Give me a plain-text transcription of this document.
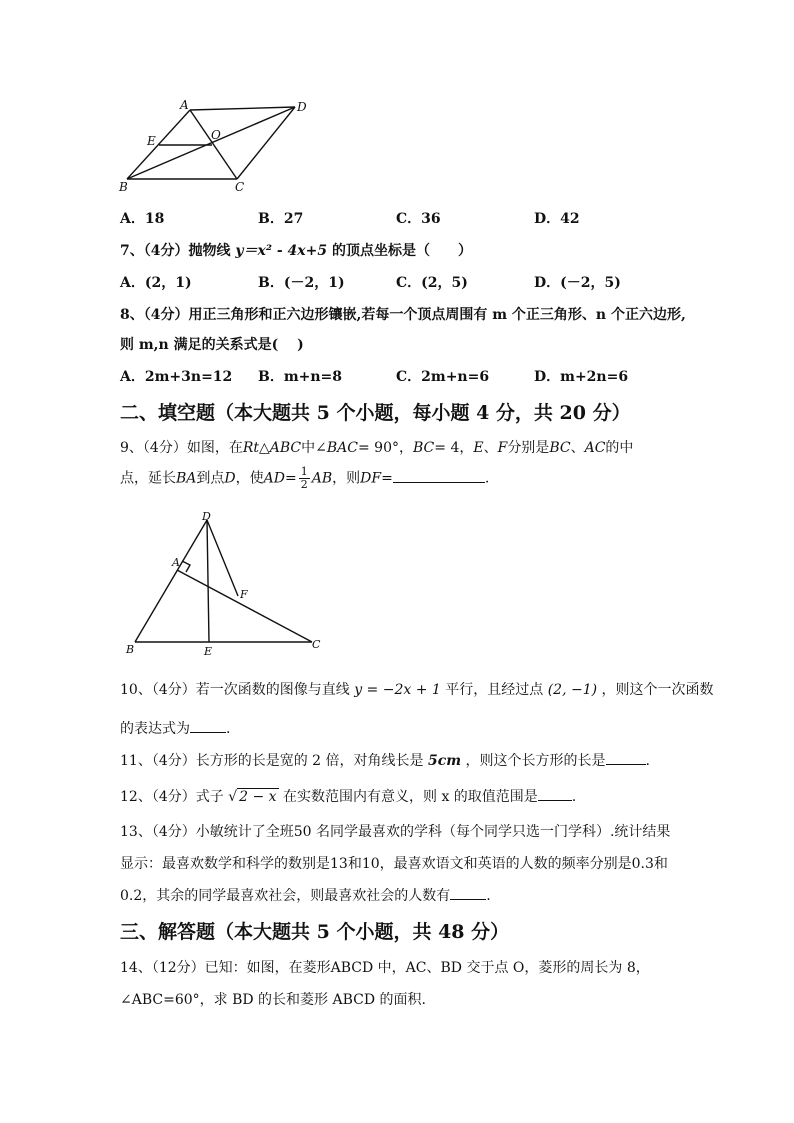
A	D
E	O
B	C
A．18	B．27	C．36	D．42
7、（4分）抛物线 y＝x² - 4x+5 的顶点坐标是（　　）
A．(2，1)	B．(－2，1)	C．(2，5)	D．(－2，5)
8、（4分）用正三角形和正六边形镶嵌,若每一个顶点周围有 m 个正三角形、n 个正六边形,
则 m,n 满足的关系式是(　 )
A．2m+3n=12 B．m+n=8	C．2m+n=6	D．m+2n=6
二、填空题（本大题共 5 个小题，每小题 4 分，共 20 分）
9、（4分）如图，在Rt△ABC中∠BAC= 90°，BC= 4，E、F分别是BC、AC的中
点，延长BA到点D，使$AD= \frac{1}{2}$ AB，则DF=	.
D
A
F
B	E
C
10、（4分）若一次函数的图像与直线 y = −2x + 1 平行，且经过点 (2, −1) ，则这个一次函数
的表达式为	.
11、（4分）长方形的长是宽的 2 倍，对角线长是 5cm ，则这个长方形的长是	.
12、（4分）式子 √ 2 − x 在实数范围内有意义，则 x 的取值范围是 .
13、（4分）小敏统计了全班50 名同学最喜欢的学科（每个同学只选一门学科）.统计结果
显示：最喜欢数学和科学的数别是13和10，最喜欢语文和英语的人数的频率分别是0.3和
0.2，其余的同学最喜欢社会，则最喜欢社会的人数有	.
三、解答题（本大题共 5 个小题，共 48 分）
14、（12分）已知：如图，在菱形ABCD 中，AC、BD 交于点 O，菱形的周长为 8，
∠ABC=60°，求 BD 的长和菱形 ABCD 的面积.
